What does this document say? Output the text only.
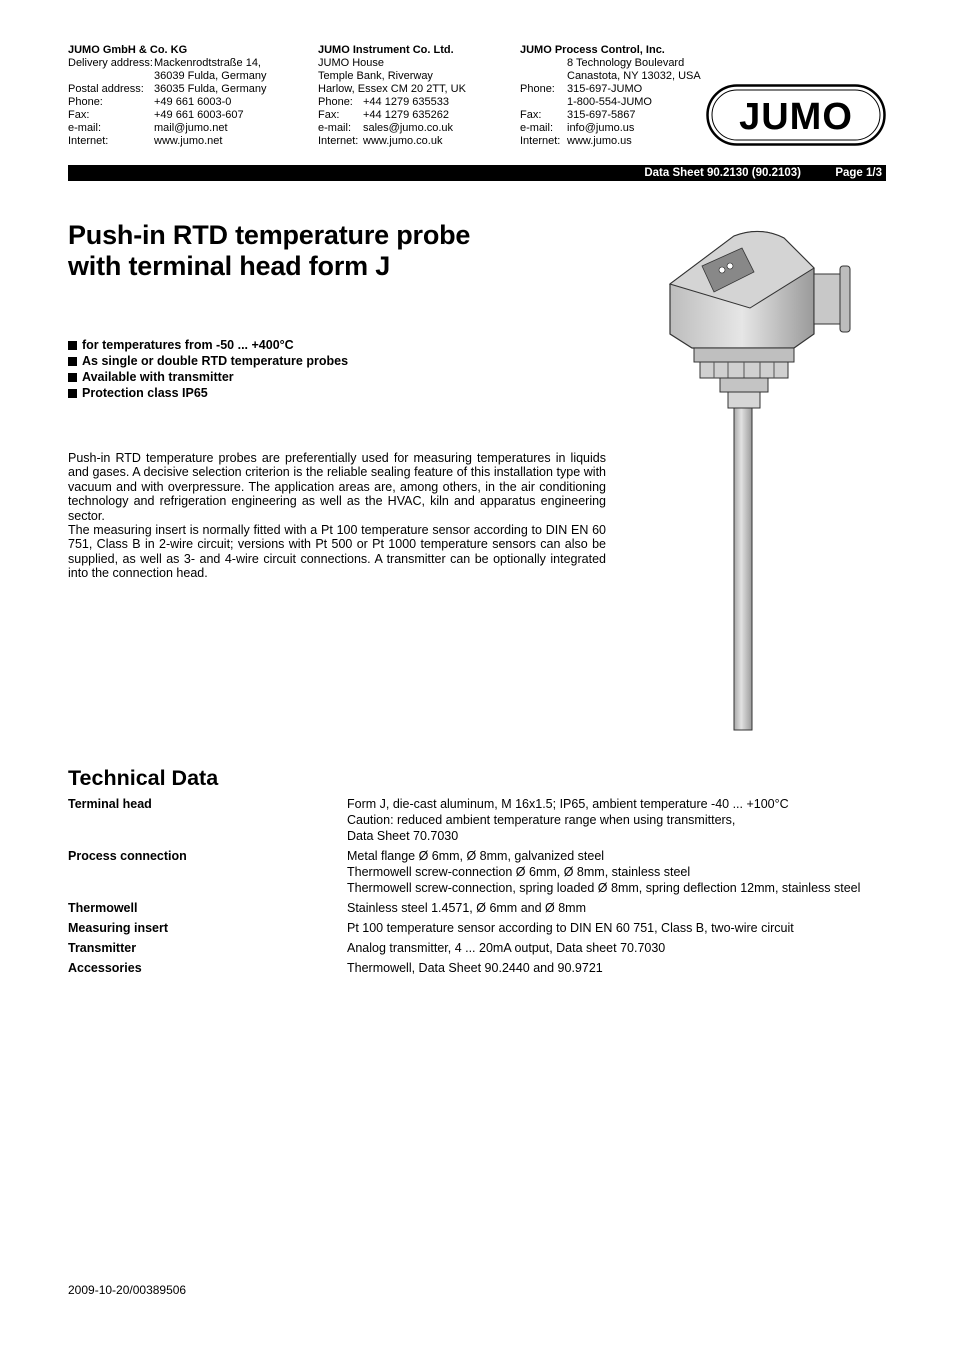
JUMO GmbH & Co. KG
Delivery address: Mackenrodtstraße 14,
36039 Fulda, Germany
Postal address: 36035 Fulda, Germany
Phone:	+49 661 6003-0
Fax:	+49 661 6003-607
e-mail:	mail@jumo.net
Internet:	www.jumo.net
JUMO Instrument Co. Ltd.
JUMO House
Temple Bank, Riverway
Harlow, Essex CM 20 2TT, UK
Phone: +44 1279 635533
Fax:	+44 1279 635262
e-mail:	sales@jumo.co.uk
Internet: www.jumo.co.uk
JUMO Process Control, Inc.
8 Technology Boulevard
Canastota, NY 13032, USA
Phone:	315-697-JUMO
1-800-554-JUMO
Fax:	315-697-5867
e-mail:	info@jumo.us
Internet: www.jumo.us
JUMO
Data Sheet 90.2130 (90.2103)	Page 1/3
Push-in RTD temperature probe
with terminal head form J
for temperatures from -50 ... +400°C
As single or double RTD temperature probes
Available with transmitter
Protection class IP65

Push-in RTD temperature probes are preferentially used for measuring temperatures in liquids and gases. A decisive selection criterion is the reliable sealing feature of this installation type with vacuum and with overpressure. The application areas are, among others, in the air conditioning technology and refrigeration engineering as well as the HVAC, kiln and apparatus engineering sector.

The measuring insert is normally fitted with a Pt 100 temperature sensor according to DIN EN 60 751, Class B in 2-wire circuit; versions with Pt 500 or Pt 1000 temperature sensors can also be supplied, as well as 3- and 4-wire circuit connections. A transmitter can be optionally integrated into the connection head.

Technical Data
Terminal head	Form J, die-cast aluminum, M 16x1.5; IP65, ambient temperature -40 ... +100°C
Caution: reduced ambient temperature range when using transmitters,
Data Sheet 70.7030
Process connection	Metal flange Ø 6mm, Ø 8mm, galvanized steel
Thermowell screw-connection Ø 6mm, Ø 8mm, stainless steel
Thermowell screw-connection, spring loaded Ø 8mm, spring deflection 12mm, stainless steel
Thermowell	Stainless steel 1.4571, Ø 6mm and Ø 8mm
Measuring insert	Pt 100 temperature sensor according to DIN EN 60 751, Class B, two-wire circuit
Transmitter	Analog transmitter, 4 ... 20mA output, Data sheet 70.7030
Accessories	Thermowell, Data Sheet 90.2440 and 90.9721
2009-10-20/00389506
